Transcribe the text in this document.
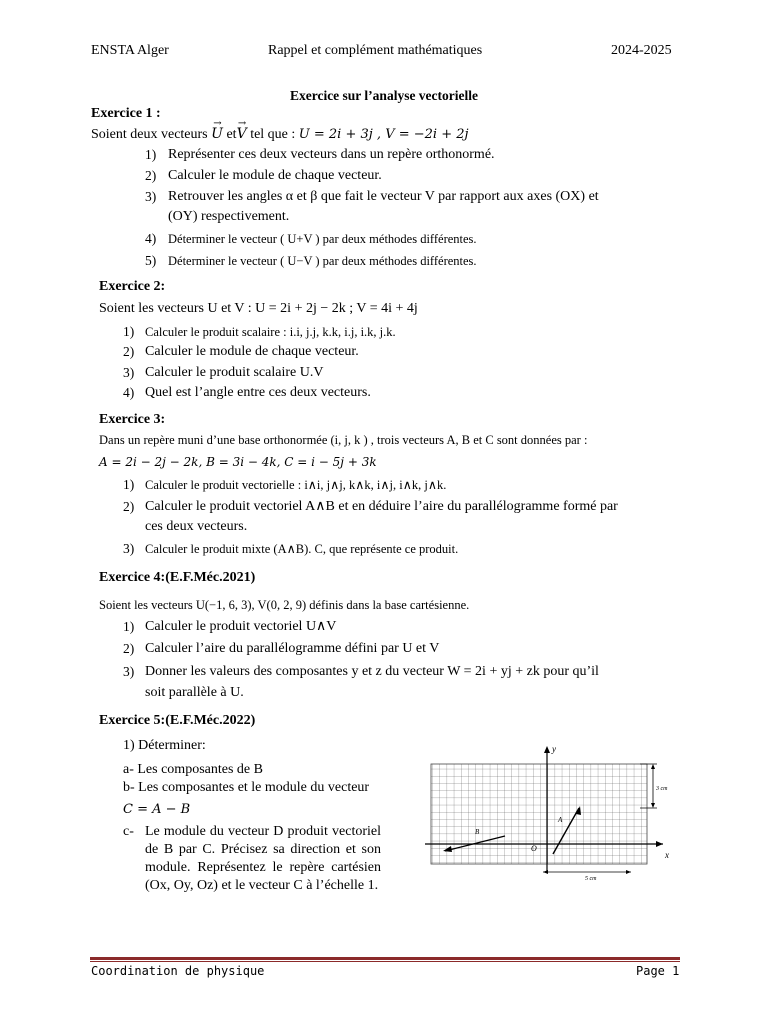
ENSTA Alger	Rappel et complément mathématiques	2024-2025
Exercice sur l’analyse vectorielle
Exercice 1 :
Soient deux vecteurs → U et→ V tel que : U = 2i + 3j , V = −2i + 2j
1) Représenter ces deux vecteurs dans un repère orthonormé.
2) Calculer le module de chaque vecteur.
3) Retrouver les angles α et β que fait le vecteur V par rapport aux axes (OX) et
(OY) respectivement.
4) Déterminer le vecteur ( U+V ) par deux méthodes différentes.
5) Déterminer le vecteur ( U−V ) par deux méthodes différentes.
Exercice 2:
Soient les vecteurs U et V : U = 2i + 2j − 2k ; V = 4i + 4j
1) Calculer le produit scalaire : i.i, j.j, k.k, i.j, i.k, j.k.
2) Calculer le module de chaque vecteur.
3) Calculer le produit scalaire U.V
4) Quel est l’angle entre ces deux vecteurs.
Exercice 3:
Dans un repère muni d’une base orthonormée (i, j, k ) , trois vecteurs A, B et C sont données par :
A = 2i − 2j − 2k, B = 3i − 4k, C = i − 5j + 3k
1) Calculer le produit vectorielle : i∧i, j∧j, k∧k, i∧j, i∧k, j∧k.
2) Calculer le produit vectoriel A∧B et en déduire l’aire du parallélogramme formé par
ces deux vecteurs.
3) Calculer le produit mixte (A∧B). C, que représente ce produit.
Exercice 4:(E.F.Méc.2021)
Soient les vecteurs U(−1, 6, 3), V(0, 2, 9) définis dans la base cartésienne.
1) Calculer le produit vectoriel U∧V
2) Calculer l’aire du parallélogramme défini par U et V
3) Donner les valeurs des composantes y et z du vecteur W = 2i + yj + zk pour qu’il
soit parallèle à U.
Exercice 5:(E.F.Méc.2022)
1) Déterminer:
a- Les composantes de B
b- Les composantes et le module du vecteur
C = A − B
c- Le module du vecteur D produit vectoriel de B par C. Précisez sa direction et son module. Représentez le repère cartésien (Ox, Oy, Oz) et le vecteur C à l’échelle 1.
y
x
O
B
A
3 cm
5 cm
Coordination de physique	Page 1
